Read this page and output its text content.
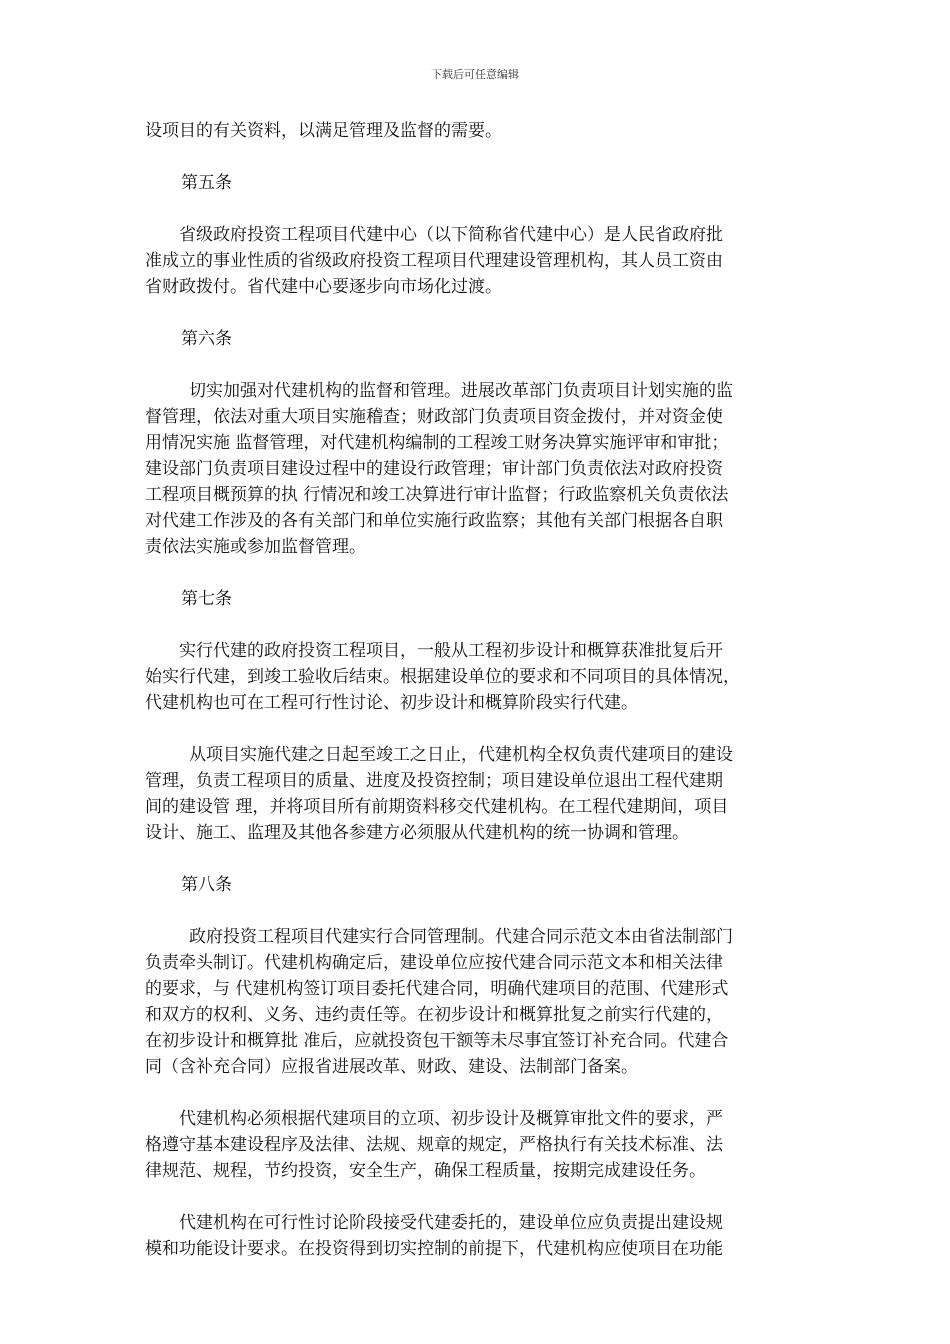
下载后可任意编辑
设项目的有关资料，以满足管理及监督的需要。
第五条
省级政府投资工程项目代建中心（以下简称省代建中心）是人民省政府批
准成立的事业性质的省级政府投资工程项目代理建设管理机构，其人员工资由
省财政拨付。省代建中心要逐步向市场化过渡。
第六条
切实加强对代建机构的监督和管理。进展改革部门负责项目计划实施的监
督管理，依法对重大项目实施稽查；财政部门负责项目资金拨付，并对资金使
用情况实施 监督管理，对代建机构编制的工程竣工财务决算实施评审和审批；
建设部门负责项目建设过程中的建设行政管理；审计部门负责依法对政府投资
工程项目概预算的执 行情况和竣工决算进行审计监督；行政监察机关负责依法
对代建工作涉及的各有关部门和单位实施行政监察；其他有关部门根据各自职
责依法实施或参加监督管理。
第七条
实行代建的政府投资工程项目，一般从工程初步设计和概算获准批复后开
始实行代建，到竣工验收后结束。根据建设单位的要求和不同项目的具体情况，
代建机构也可在工程可行性讨论、初步设计和概算阶段实行代建。
从项目实施代建之日起至竣工之日止，代建机构全权负责代建项目的建设
管理，负责工程项目的质量、进度及投资控制；项目建设单位退出工程代建期
间的建设管 理，并将项目所有前期资料移交代建机构。在工程代建期间，项目
设计、施工、监理及其他各参建方必须服从代建机构的统一协调和管理。
第八条
政府投资工程项目代建实行合同管理制。代建合同示范文本由省法制部门
负责牵头制订。代建机构确定后，建设单位应按代建合同示范文本和相关法律
的要求，与 代建机构签订项目委托代建合同，明确代建项目的范围、代建形式
和双方的权利、义务、违约责任等。在初步设计和概算批复之前实行代建的，
在初步设计和概算批 准后，应就投资包干额等未尽事宜签订补充合同。代建合
同（含补充合同）应报省进展改革、财政、建设、法制部门备案。
代建机构必须根据代建项目的立项、初步设计及概算审批文件的要求，严
格遵守基本建设程序及法律、法规、规章的规定，严格执行有关技术标准、法
律规范、规程，节约投资，安全生产，确保工程质量，按期完成建设任务。
代建机构在可行性讨论阶段接受代建委托的，建设单位应负责提出建设规
模和功能设计要求。在投资得到切实控制的前提下，代建机构应使项目在功能
